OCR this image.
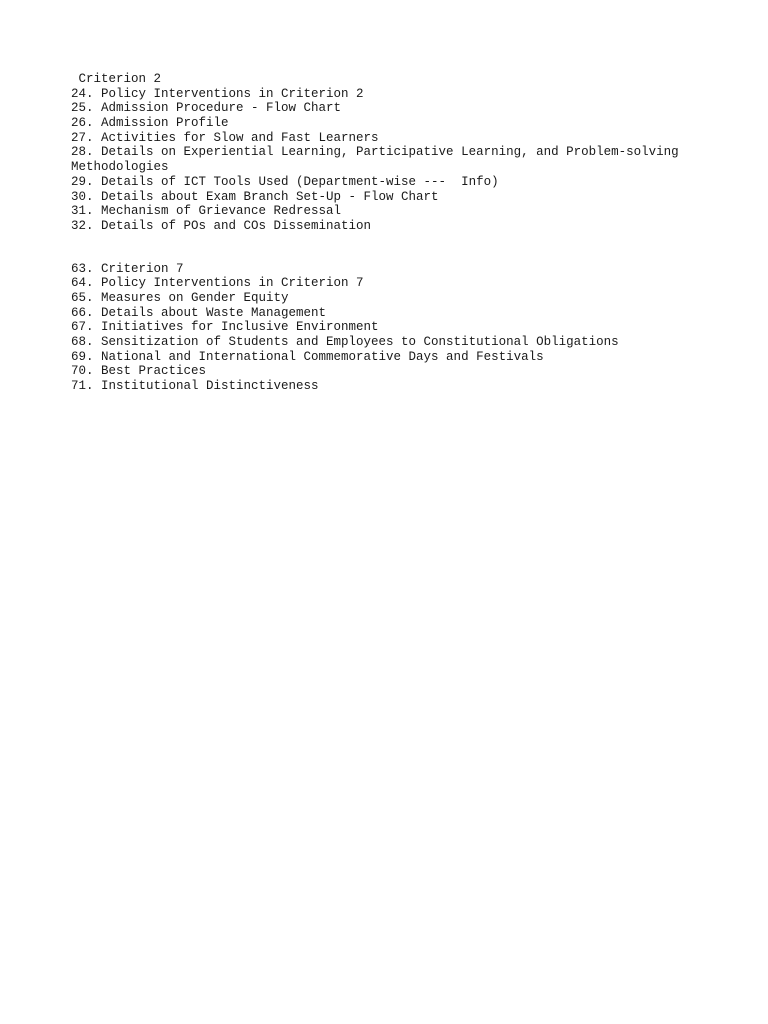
Criterion 2
24. Policy Interventions in Criterion 2
25. Admission Procedure - Flow Chart
26. Admission Profile
27. Activities for Slow and Fast Learners
28. Details on Experiential Learning, Participative Learning, and Problem-solving
Methodologies
29. Details of ICT Tools Used (Department-wise ---  Info)
30. Details about Exam Branch Set-Up - Flow Chart
31. Mechanism of Grievance Redressal
32. Details of POs and COs Dissemination
63. Criterion 7
64. Policy Interventions in Criterion 7
65. Measures on Gender Equity
66. Details about Waste Management
67. Initiatives for Inclusive Environment
68. Sensitization of Students and Employees to Constitutional Obligations
69. National and International Commemorative Days and Festivals
70. Best Practices
71. Institutional Distinctiveness
